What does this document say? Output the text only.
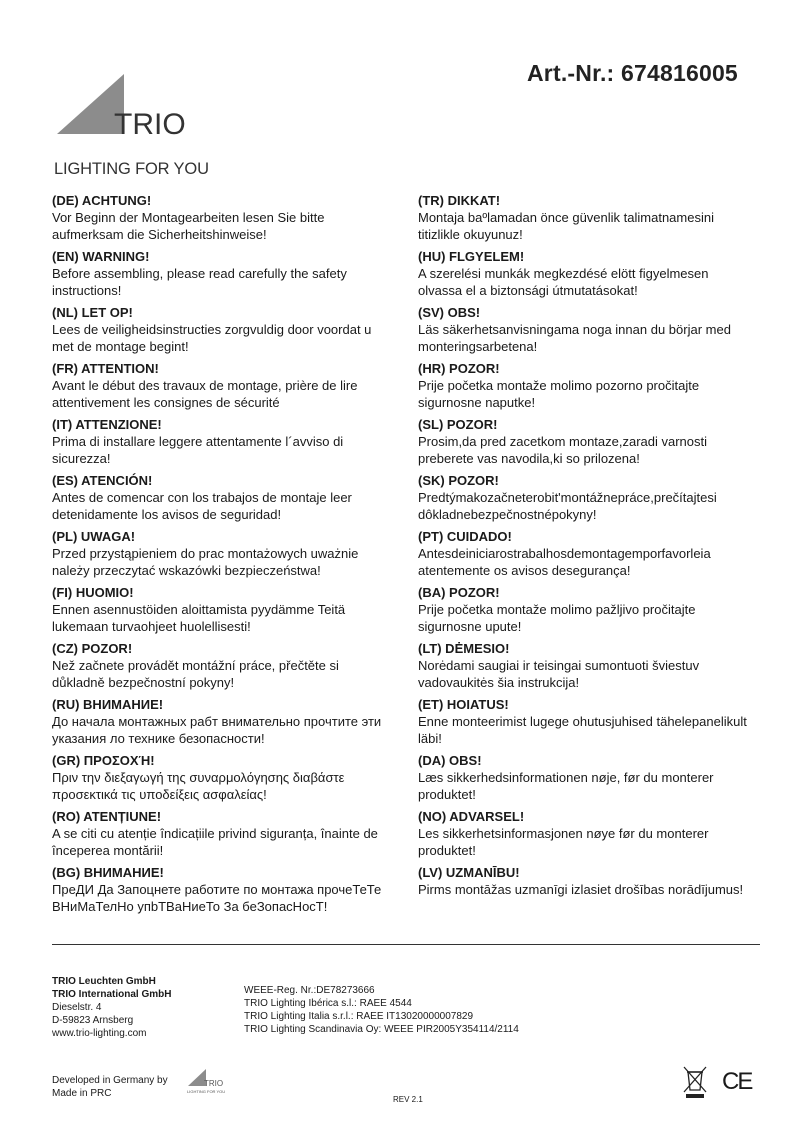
Art.-Nr.: 674816005
TRIO
LIGHTING FOR YOU
(DE) ACHTUNG!
Vor Beginn der Montagearbeiten lesen Sie bitte
aufmerksam die Sicherheitshinweise!
(EN) WARNING!
Before assembling, please read carefully the safety
instructions!
(NL) LET OP!
Lees de veiligheidsinstructies zorgvuldig door voordat u
met de montage begint!
(FR) ATTENTION!
Avant le début des travaux de montage, prière de lire
attentivement les consignes de sécurité
(IT) ATTENZIONE!
Prima di installare leggere attentamente l´avviso di
sicurezza!
(ES) ATENCIÓN!
Antes de comencar con los trabajos de montaje leer
detenidamente los avisos de seguridad!
(PL) UWAGA!
Przed przystąpieniem do prac montażowych uważnie
należy przeczytać wskazówki bezpieczeństwa!
(FI) HUOMIO!
Ennen asennustöiden aloittamista pyydämme Teitä
lukemaan turvaohjeet huolellisesti!
(CZ) POZOR!
Než začnete provádět montážní práce, přečtěte si
důkladně bezpečnostní pokyny!
(RU) ВНИМАНИЕ!
До начала монтажных рабт внимательно прочтите эти
указания ло технике безопасности!
(GR) ΠΡΟΣΟΧΉ!
Πριν την διεξαγωγή της συναρμολόγησης διαβάστε
προσεκτικά τις υποδείξεις ασφαλείας!
(RO) ATENȚIUNE!
A se citi cu atenție îndicațiile privind siguranța, înainte de
începerea montării!
(BG) ВНИМАНИЕ!
ПреДИ Да Запоцнете работите по монтажа прочеТеТе
ВНиМаТелНо упbТВаНиеТо За беЗопасНосТ!
(TR) DIKKAT!
Montaja baºlamadan önce güvenlik talimatnamesini
titizlikle okuyunuz!
(HU) FLGYELEM!
A szerelési munkák megkezdésé elött figyelmesen
olvassa el a biztonsági útmutatásokat!
(SV) OBS!
Läs säkerhetsanvisningama noga innan du börjar med
monteringsarbetena!
(HR) POZOR!
Prije početka montaže molimo pozorno pročitajte
sigurnosne naputke!
(SL) POZOR!
Prosim,da pred zacetkom montaze,zaradi varnosti
preberete vas navodila,ki so prilozena!
(SK) POZOR!
Predtýmakozačneterobit'montážnepráce,prečítajtesi
dôkladnebezpečnostnépokyny!
(PT) CUIDADO!
Antesdeiniciarostrabalhosdemontagemporfavorleia
atentemente os avisos desegurança!
(BA) POZOR!
Prije početka montaže molimo pažljivo pročitajte
sigurnosne upute!
(LT) DĖMESIO!
Norėdami saugiai ir teisingai sumontuoti šviestuv
vadovaukitės šia instrukcija!
(ET) HOIATUS!
Enne monteerimist lugege ohutusjuhised tähelepanelikult
läbi!
(DA) OBS!
Læs sikkerhedsinformationen nøje, før du monterer
produktet!
(NO) ADVARSEL!
Les sikkerhetsinformasjonen nøye før du monterer
produktet!
(LV) UZMANĪBU!
Pirms montāžas uzmanīgi izlasiet drošības norādījumus!
TRIO Leuchten GmbH
TRIO International GmbH
Dieselstr. 4
D-59823 Arnsberg
www.trio-lighting.com
WEEE-Reg. Nr.:DE78273666
TRIO Lighting Ibérica s.l.: RAEE 4544
TRIO Lighting Italia s.r.l.: RAEE IT13020000007829
TRIO Lighting Scandinavia Oy: WEEE PIR2005Y354114/2114
Developed in Germany by
Made in PRC
TRIO
LIGHTING FOR YOU
REV 2.1
CE
